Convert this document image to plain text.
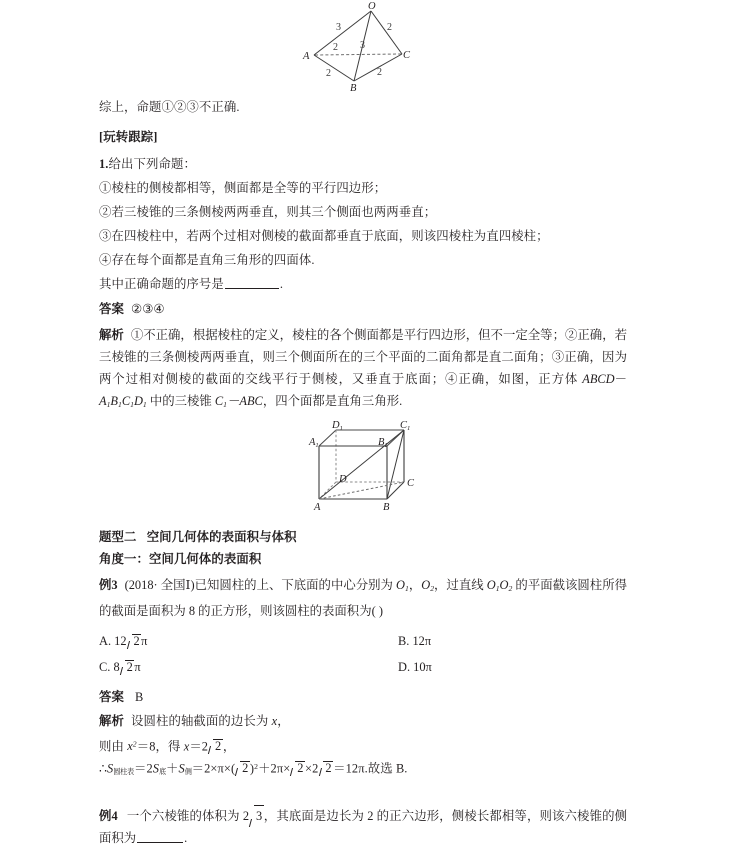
O
A
B
C
3	2
3
2
2	2
综上，命题①②③不正确.
[玩转跟踪]
1.给出下列命题：
①棱柱的侧棱都相等，侧面都是全等的平行四边形；
②若三棱锥的三条侧棱两两垂直，则其三个侧面也两两垂直；
③在四棱柱中，若两个过相对侧棱的截面都垂直于底面，则该四棱柱为直四棱柱；
④存在每个面都是直角三角形的四面体.
其中正确命题的序号是	.
答案 ②③④
解析 ①不正确，根据棱柱的定义，棱柱的各个侧面都是平行四边形，但不一定全等；②正确，若三棱锥的三条侧棱两两垂直，则三个侧面所在的三个平面的二面角都是直二面角；③正确，因为两个过相对侧棱的截面的交线平行于侧棱，又垂直于底面；④正确，如图，正方体 $ABCD-A_1B_1C_1D_1$ 中的三棱锥 $C_1-ABC$，四个面都是直角三角形.
D1	C1
A1	B1
D	C
A	B
题型二 空间几何体的表面积与体积
角度一：空间几何体的表面积
例3 (2018· 全国Ⅰ)已知圆柱的上、下底面的中心分别为 $O_1$，$O_2$，过直线 $O_1O_2$ 的平面截该圆柱所得的截面是面积为 8 的正方形，则该圆柱的表面积为( )
A. 12 2π	B. 12π
C. 8 2π	D. 10π
答案 B
解析 设圆柱的轴截面的边长为 x，
则由 $x^2=8$，得 x＝2 2，
∴S圆柱表＝2S底＋S侧＝2×π×( 2)$^2$＋2π× 2×2 2＝12π.故选 B.
例4 一个六棱锥的体积为 2 3，其底面是边长为 2 的正六边形，侧棱长都相等，则该六棱锥的侧面积为	.
